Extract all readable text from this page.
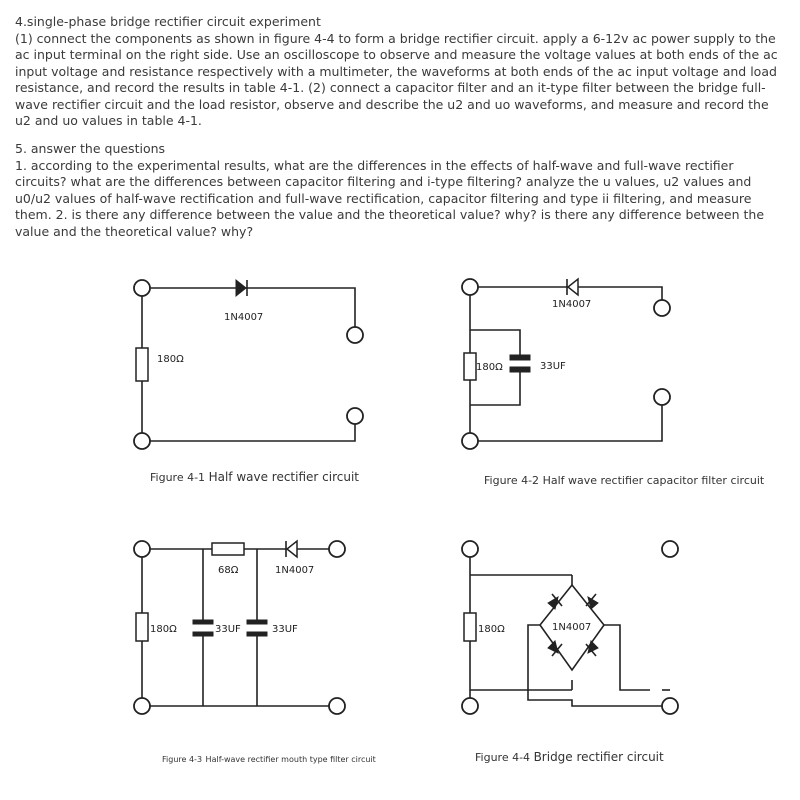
4.single-phase bridge rectifier circuit experiment

(1) connect the components as shown in figure 4-4 to form a bridge rectifier circuit. apply a 6-12v ac power supply to the ac input terminal on the right side. Use an oscilloscope to observe and measure the voltage values at both ends of the ac input voltage and resistance respectively with a multimeter, the waveforms at both ends of the ac input voltage and load resistance, and record the results in table 4-1. (2) connect a capacitor filter and an it-type filter between the bridge full-wave rectifier circuit and the load resistor, observe and describe the u2 and uo waveforms, and measure and record the u2 and uo values in table 4-1.

5. answer the questions

1. according to the experimental results, what are the differences in the effects of half-wave and full-wave rectifier circuits? what are the differences between capacitor filtering and i-type filtering? analyze the u values, u2 values and u0/u2 values of half-wave rectification and full-wave rectification, capacitor filtering and type ii filtering, and measure them. 2. is there any difference between the value and the theoretical value? why? is there any difference between the value and the theoretical value? why?

1N4007
180Ω
1N4007
180Ω	33UF
68Ω	1N4007
180Ω	33UF	33UF	180Ω	1N4007
Figure 4-1 Half wave rectifier circuit	Figure 4-2 Half wave rectifier capacitor filter circuit
Figure 4-3 Half-wave rectifier mouth type filter circuit	Figure 4-4 Bridge rectifier circuit
